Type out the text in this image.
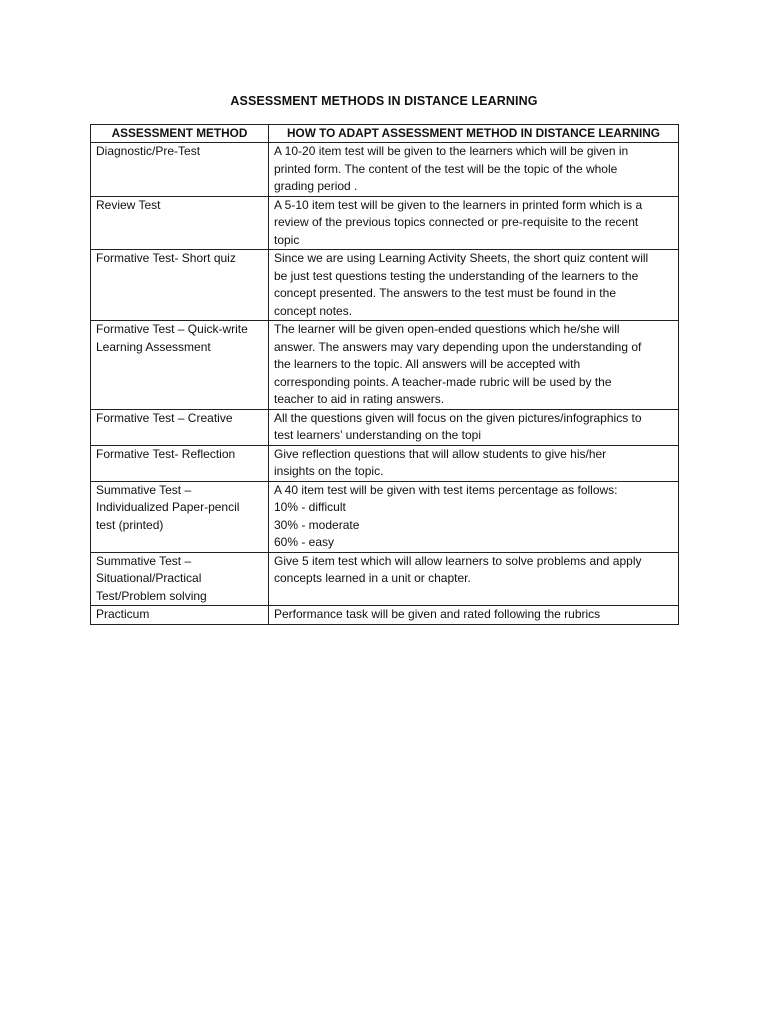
ASSESSMENT METHODS IN DISTANCE LEARNING
ASSESSMENT METHOD	HOW TO ADAPT ASSESSMENT METHOD IN DISTANCE LEARNING

Diagnostic/Pre-Test	A 10-20 item test will be given to the learners which will be given in
printed form. The content of the test will be the topic of the whole
grading period .

Review Test	A 5-10 item test will be given to the learners in printed form which is a
review of the previous topics connected or pre-requisite to the recent
topic

Formative Test- Short quiz	Since we are using Learning Activity Sheets, the short quiz content will
be just test questions testing the understanding of the learners to the
concept presented. The answers to the test must be found in the
concept notes.

Formative Test – Quick-write
Learning Assessment	The learner will be given open-ended questions which he/she will
answer. The answers may vary depending upon the understanding of
the learners to the topic. All answers will be accepted with
corresponding points. A teacher-made rubric will be used by the
teacher to aid in rating answers.

Formative Test – Creative	All the questions given will focus on the given pictures/infographics to
test learners’ understanding on the topi

Formative Test- Reflection	Give reflection questions that will allow students to give his/her
insights on the topic.

Summative Test –
Individualized Paper-pencil
test (printed)	A 40 item test will be given with test items percentage as follows:
10% - difficult
30% - moderate
60% - easy

Summative Test –
Situational/Practical
Test/Problem solving	Give 5 item test which will allow learners to solve problems and apply
concepts learned in a unit or chapter.

Practicum	Performance task will be given and rated following the rubrics
